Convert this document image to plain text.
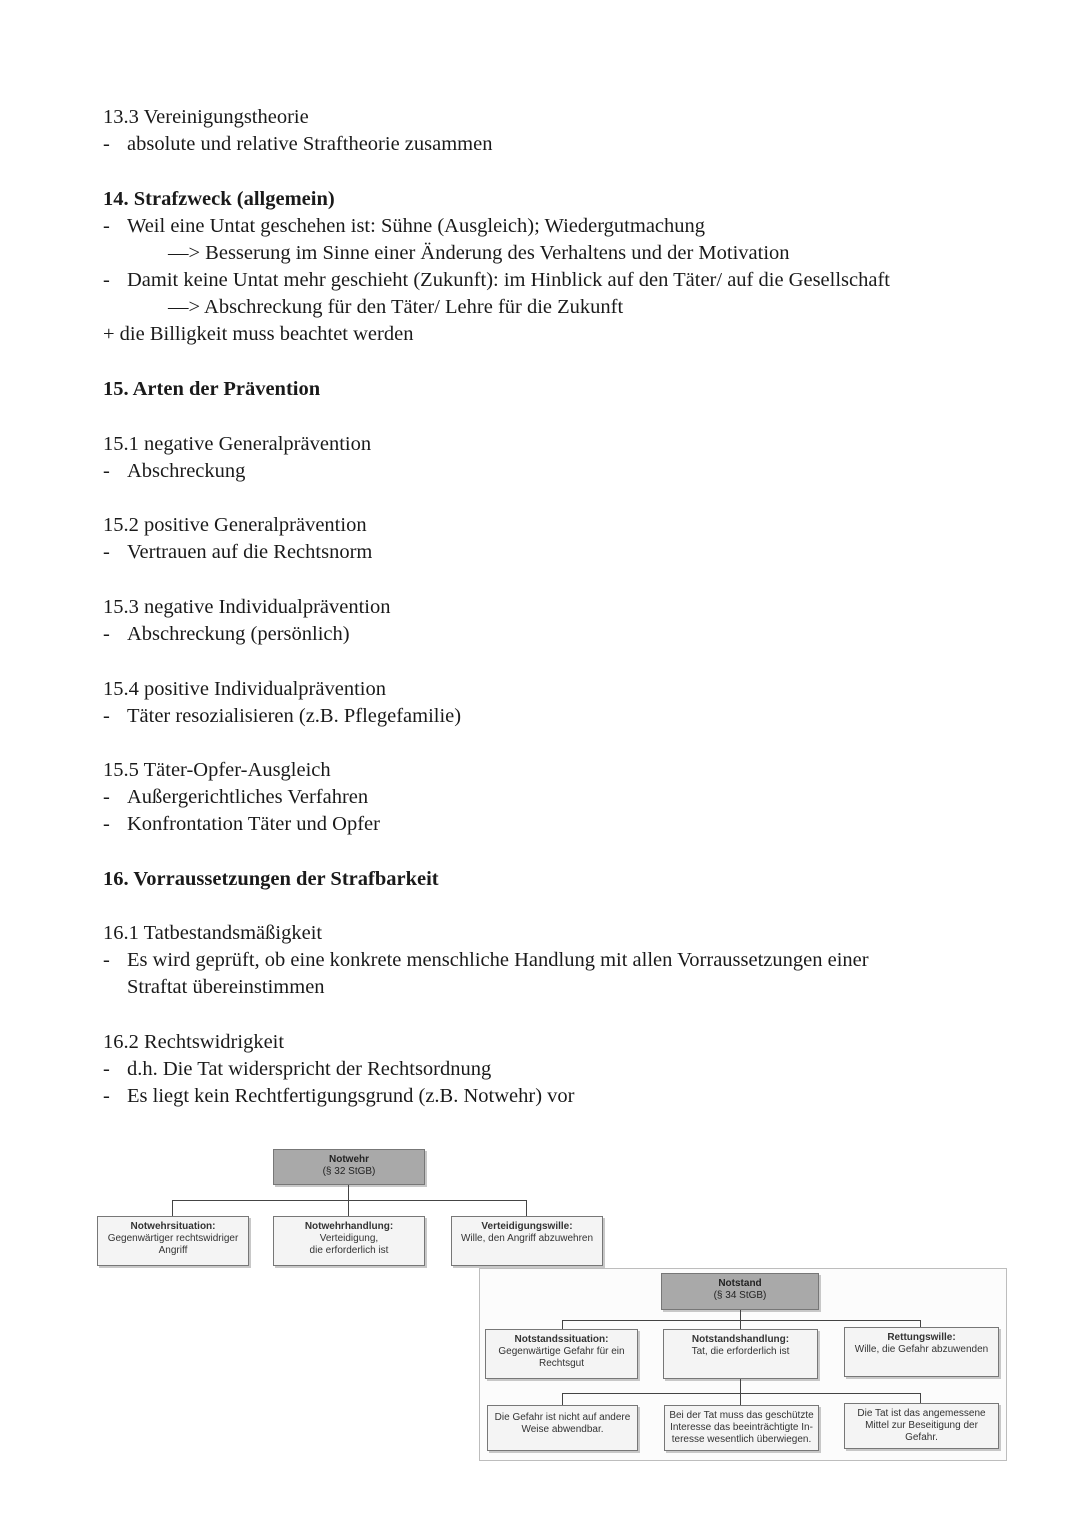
13.3 Vereinigungstheorie
- absolute und relative Straftheorie zusammen
14. Strafzweck (allgemein)
- Weil eine Untat geschehen ist: Sühne (Ausgleich); Wiedergutmachung
—> Besserung im Sinne einer Änderung des Verhaltens und der Motivation
- Damit keine Untat mehr geschieht (Zukunft): im Hinblick auf den Täter/ auf die Gesellschaft
—> Abschreckung für den Täter/ Lehre für die Zukunft
+ die Billigkeit muss beachtet werden
15. Arten der Prävention
15.1 negative Generalprävention
- Abschreckung
15.2 positive Generalprävention
- Vertrauen auf die Rechtsnorm
15.3 negative Individualprävention
- Abschreckung (persönlich)
15.4 positive Individualprävention
- Täter resozialisieren (z.B. Pflegefamilie)
15.5 Täter-Opfer-Ausgleich
- Außergerichtliches Verfahren
- Konfrontation Täter und Opfer
16. Vorraussetzungen der Strafbarkeit
16.1 Tatbestandsmäßigkeit
- Es wird geprüft, ob eine konkrete menschliche Handlung mit allen Vorraussetzungen einer
Straftat übereinstimmen
16.2 Rechtswidrigkeit
- d.h. Die Tat widerspricht der Rechtsordnung
- Es liegt kein Rechtfertigungsgrund (z.B. Notwehr) vor
Notwehr
(§ 32 StGB)
Notwehrsituation:
Gegenwärtiger rechtswidriger
Angriff
Notwehrhandlung:
Verteidigung,
die erforderlich ist
Verteidigungswille:
Wille, den Angriff abzuwehren
Notstand
(§ 34 StGB)
Notstandssituation:
Gegenwärtige Gefahr für ein
Rechtsgut
Notstandshandlung:
Tat, die erforderlich ist
Rettungswille:
Wille, die Gefahr abzuwenden
Die Gefahr ist nicht auf andere
Weise abwendbar.
Bei der Tat muss das geschützte
Interesse das beeinträchtigte In-
teresse wesentlich überwiegen.
Die Tat ist das angemessene
Mittel zur Beseitigung der
Gefahr.
